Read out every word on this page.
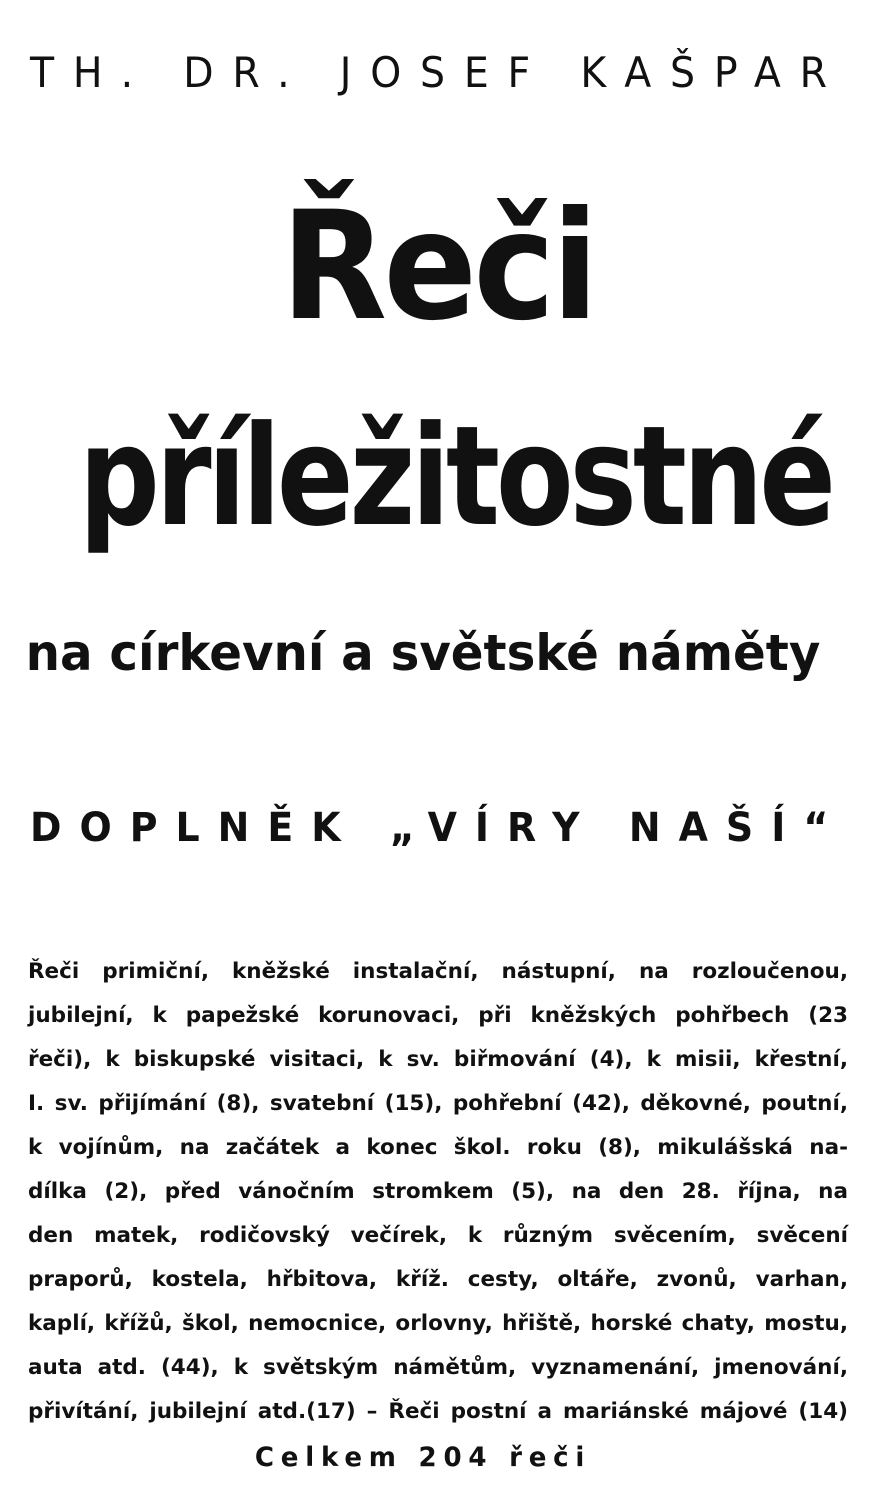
TH. DR. JOSEF KAŠPAR
Řeči
příležitostné
na církevní a světské náměty
DOPLNĚK „VÍRY NAŠÍ“
Řeči primiční, kněžské instalační, nástupní, na rozloučenou,
jubilejní, k papežské korunovaci, při kněžských pohřbech (23
řeči), k biskupské visitaci, k sv. biřmování (4), k misii, křestní,
I. sv. přijímání (8), svatební (15), pohřební (42), děkovné, poutní,
k vojínům, na začátek a konec škol. roku (8), mikulášská na-
dílka (2), před vánočním stromkem (5), na den 28. října, na
den matek, rodičovský večírek, k různým svěcením, svěcení
praporů, kostela, hřbitova, kříž. cesty, oltáře, zvonů, varhan,
kaplí, křížů, škol, nemocnice, orlovny, hřiště, horské chaty, mostu,
auta atd. (44), k světským námětům, vyznamenání, jmenování,
přivítání, jubilejní atd.(17) – Řeči postní a mariánské májové (14)
Celkem 204 řeči
